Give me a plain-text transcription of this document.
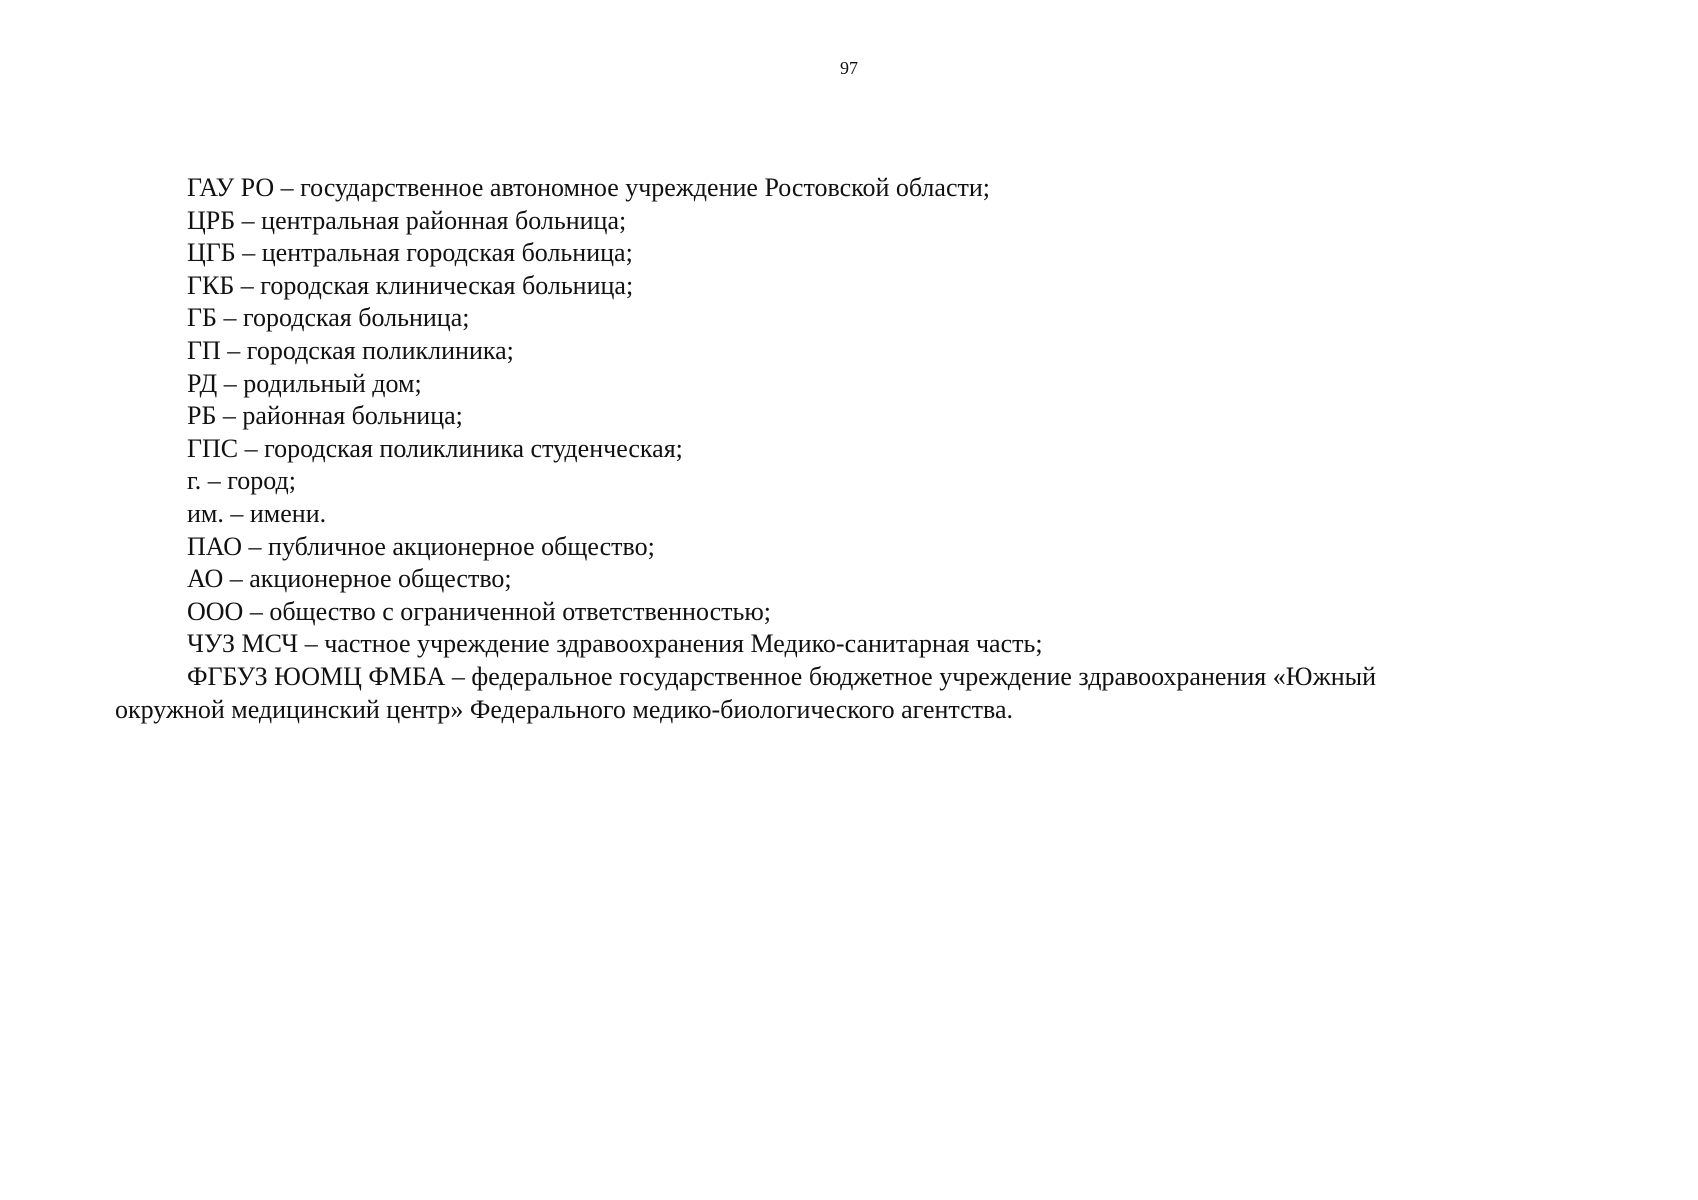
97
ГАУ РО – государственное автономное учреждение Ростовской области;
ЦРБ – центральная районная больница;
ЦГБ – центральная городская больница;
ГКБ – городская клиническая больница;
ГБ – городская больница;
ГП – городская поликлиника;
РД – родильный дом;
РБ – районная больница;
ГПС – городская поликлиника студенческая;
г. – город;
им. – имени.
ПАО – публичное акционерное общество;
АО – акционерное общество;
ООО – общество с ограниченной ответственностью;
ЧУЗ МСЧ – частное учреждение здравоохранения Медико-санитарная часть;
ФГБУЗ ЮОМЦ ФМБА – федеральное государственное бюджетное учреждение здравоохранения «Южный окружной медицинский центр» Федерального медико-биологического агентства.
